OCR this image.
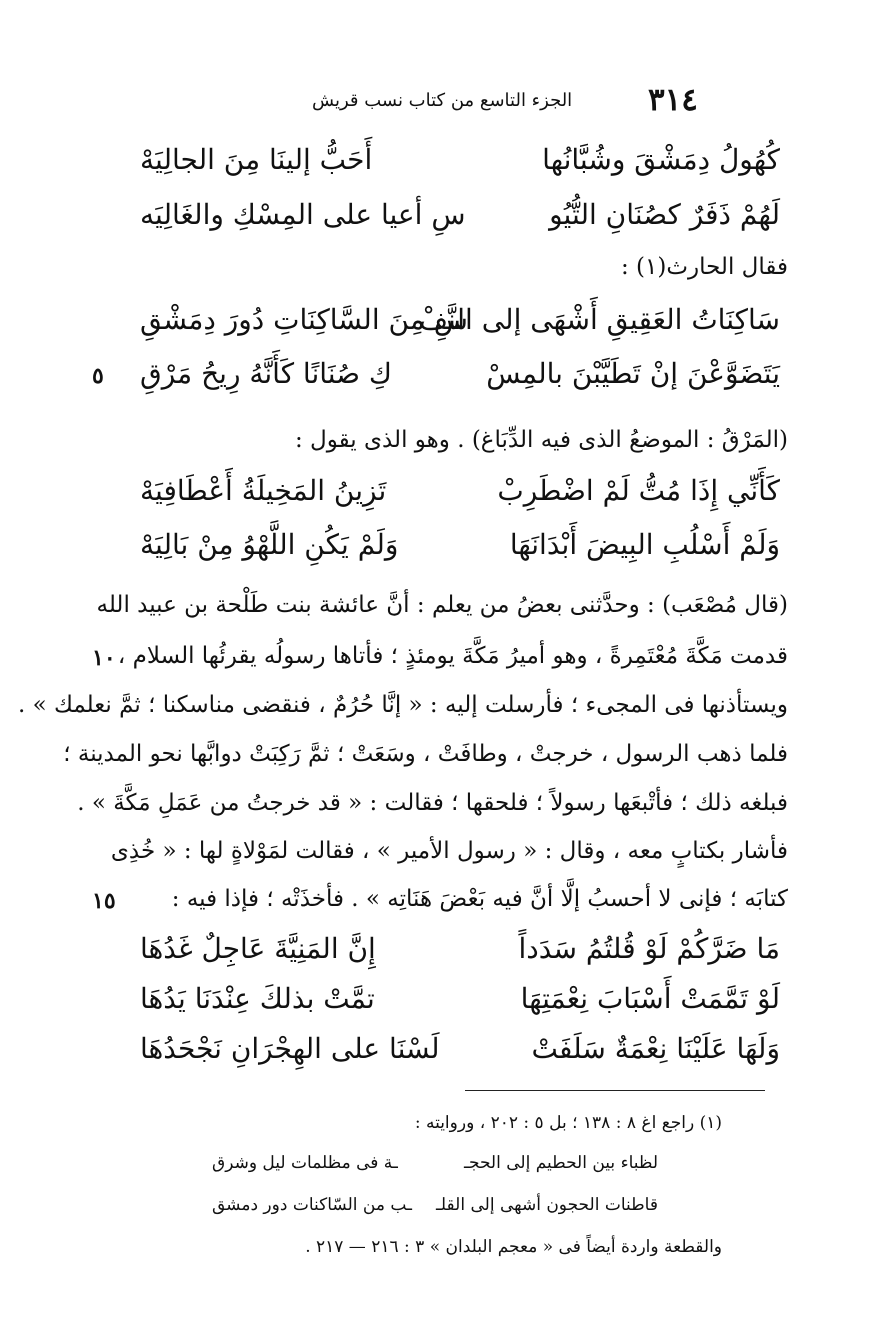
٣١٤
الجزء التاسع من كتاب نسب قريش
كُهُولُ دِمَشْقَ وشُبَّانُها
أَحَبُّ إلينَا مِنَ الجالِيَهْ
لَهُمْ ذَفَرٌ كصُنَانِ التُّيُو
سِ أعيا على المِسْكِ والغَالِيَه
فقال الحارث(١) :
سَاكِنَاتُ العَقِيقِ أَشْهَى إلى النَّفْ
سِ مِنَ السَّاكِنَاتِ دُورَ دِمَشْقِ
يَتَضَوَّعْنَ إنْ تَطَيَّبْنَ بالمِسْ
كِ صُنَانًا كَأَنَّهُ رِيحُ مَرْقِ
٥
(المَرْقُ : الموضعُ الذى فيه الدِّبَاغ) . وهو الذى يقول :
كَأَنِّي إِذَا مُتُّ لَمْ اضْطَرِبْ
تَزِينُ المَخِيلَةُ أَعْطَافِيَهْ
وَلَمْ أَسْلُبِ البِيضَ أَبْدَانَهَا
وَلَمْ يَكُنِ اللَّهْوُ مِنْ بَالِيَهْ
(قال مُصْعَب) : وحدَّثنى بعضُ من يعلم : أنَّ عائشة بنت طَلْحة بن عبيد الله
قدمت مَكَّةَ مُعْتَمِرةً ، وهو أميرُ مَكَّةَ يومئذٍ ؛ فأتاها رسولُه يقرئُها السلام ،
١٠
ويستأذنها فى المجىء ؛ فأرسلت إليه : « إنَّا حُرُمٌ ، فنقضى مناسكنا ؛ ثمَّ نعلمك » .
فلما ذهب الرسول ، خرجتْ ، وطافَتْ ، وسَعَتْ ؛ ثمَّ رَكِبَتْ دوابَّها نحو المدينة ؛
فبلغه ذلك ؛ فأتْبعَها رسولاً ؛ فلحقها ؛ فقالت : « قد خرجتُ من عَمَلِ مَكَّةَ » .
فأشار بكتابٍ معه ، وقال : « رسول الأمير » ، فقالت لمَوْلاةٍ لها : « خُذِى
كتابَه ؛ فإنى لا أحسبُ إلَّا أنَّ فيه بَعْضَ هَنَاتِه » . فأخذَتْه ؛ فإذا فيه :
١٥
مَا ضَرَّكُمْ لَوْ قُلتُمُ سَدَداً
إِنَّ المَنِيَّةَ عَاجِلٌ غَدُهَا
لَوْ تَمَّمَتْ أَسْبَابَ نِعْمَتِهَا
تمَّتْ بذلكَ عِنْدَنَا يَدُهَا
وَلَهَا عَلَيْنَا نِعْمَةٌ سَلَفَتْ
لَسْنَا على الهِجْرَانِ نَجْحَدُهَا
(١) راجع اغ ٨ : ١٣٨ ؛ بل ٥ : ٢٠٢ ، وروايته :
لظباء بين الحطيم إلى الحجـ
ـة فى مظلمات ليل وشرق
قاطنات الحجون أشهى إلى القلـ
ـب من السّاكنات دور دمشق
والقطعة واردة أيضاً فى « معجم البلدان » ٣ : ٢١٦ — ٢١٧ .
